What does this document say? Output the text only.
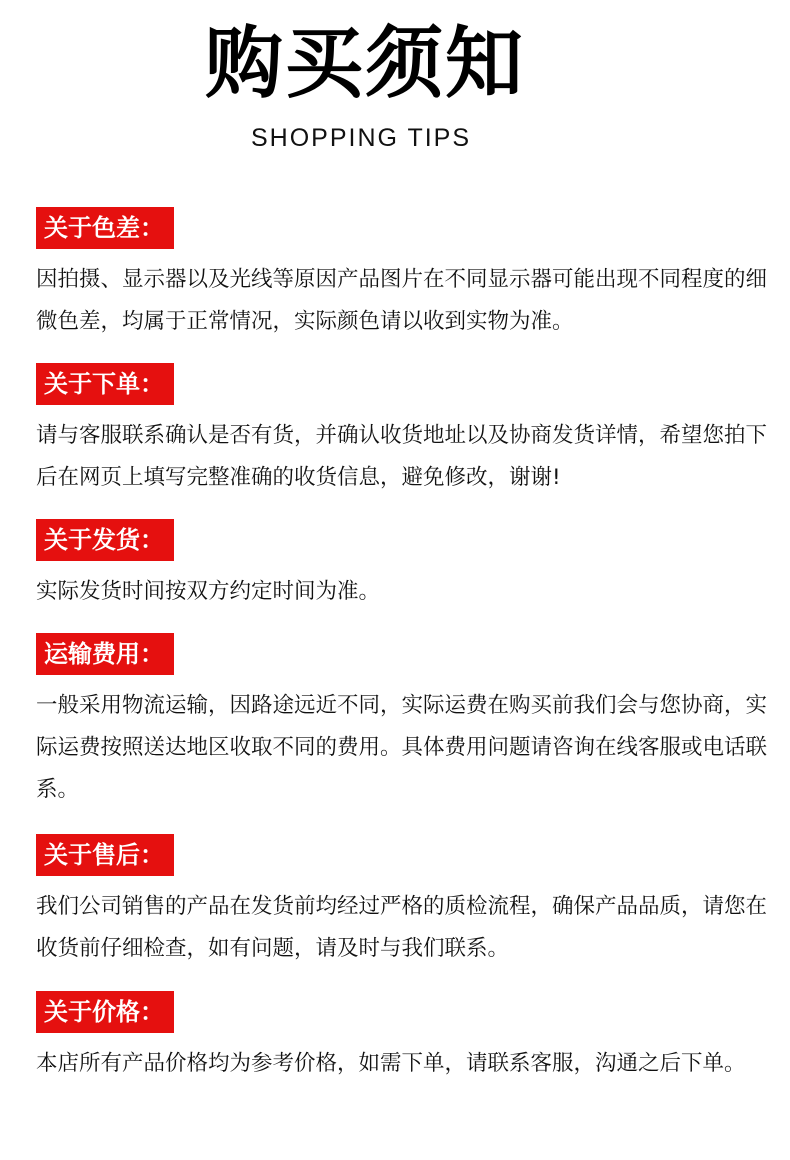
购买须知
SHOPPING TIPS
关于色差：
因拍摄、显示器以及光线等原因产品图片在不同显示器可能出现不同程度的细微色差，均属于正常情况，实际颜色请以收到实物为准。
关于下单：
请与客服联系确认是否有货，并确认收货地址以及协商发货详情，希望您拍下后在网页上填写完整准确的收货信息，避免修改，谢谢!
关于发货：
实际发货时间按双方约定时间为准。
运输费用：
一般采用物流运输，因路途远近不同，实际运费在购买前我们会与您协商，实际运费按照送达地区收取不同的费用。具体费用问题请咨询在线客服或电话联系。
关于售后：
我们公司销售的产品在发货前均经过严格的质检流程，确保产品品质，请您在收货前仔细检查，如有问题，请及时与我们联系。
关于价格：
本店所有产品价格均为参考价格，如需下单，请联系客服，沟通之后下单。
